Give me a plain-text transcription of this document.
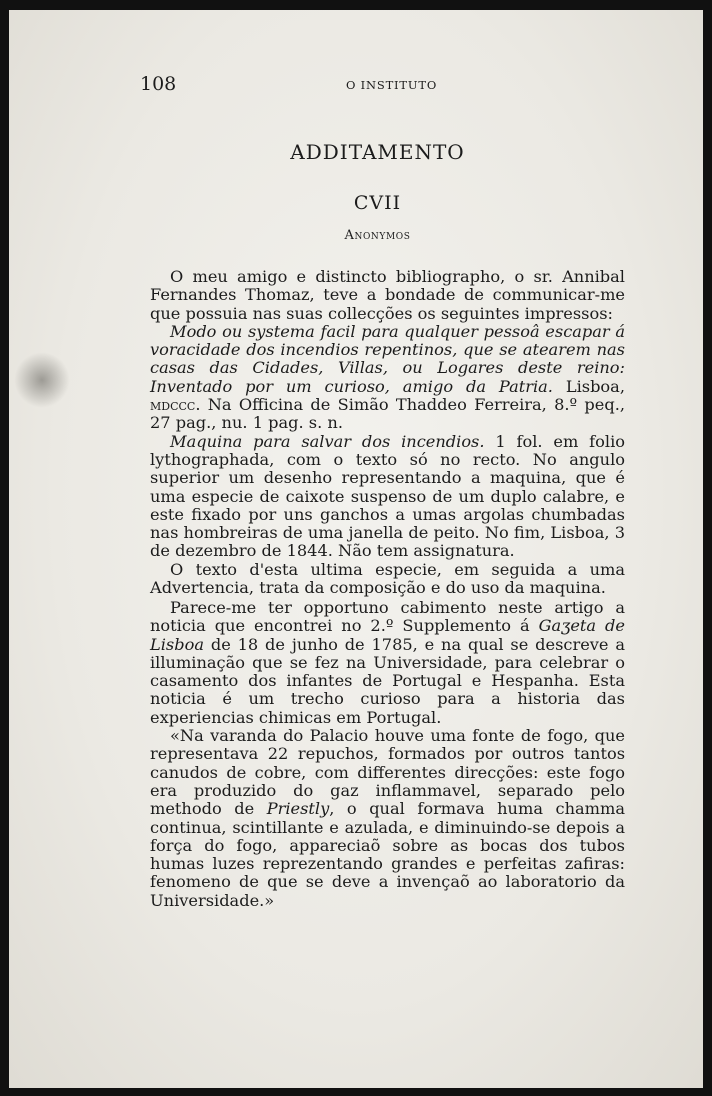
108	O INSTITUTO
ADDITAMENTO
CVII
Anonymos

O meu amigo e distincto bibliographo, o sr. Annibal Fernandes Thomaz, teve a bondade de communicar-me que possuia nas suas collecções os seguintes impressos:

Modo ou systema facil para qualquer pessoâ escapar á voracidade dos incendios repentinos, que se atearem nas casas das Cidades, Villas, ou Logares deste reino: Inventado por um curioso, amigo da Patria. Lisboa, mdccc. Na Officina de Simão Thaddeo Ferreira, 8.º peq., 27 pag., nu. 1 pag. s. n.

Maquina para salvar dos incendios. 1 fol. em folio lythographada, com o texto só no recto. No angulo superior um desenho representando a maquina, que é uma especie de caixote suspenso de um duplo calabre, e este fixado por uns ganchos a umas argolas chumbadas nas hombreiras de uma janella de peito. No fim, Lisboa, 3 de dezembro de 1844. Não tem assignatura.

O texto d'esta ultima especie, em seguida a uma Advertencia, trata da composição e do uso da maquina.

Parece-me ter opportuno cabimento neste artigo a noticia que encontrei no 2.º Supplemento á Gaʒeta de Lisboa de 18 de junho de 1785, e na qual se descreve a illuminação que se fez na Universidade, para celebrar o casamento dos infantes de Portugal e Hespanha. Esta noticia é um trecho curioso para a historia das experiencias chimicas em Portugal.

«Na varanda do Palacio houve uma fonte de fogo, que representava 22 repuchos, formados por outros tantos canudos de cobre, com differentes direcções: este fogo era produzido do gaz inflammavel, separado pelo methodo de Priestly, o qual formava huma chamma continua, scintillante e azulada, e diminuindo-se depois a força do fogo, appareciaõ sobre as bocas dos tubos humas luzes reprezentando grandes e perfeitas zafiras: fenomeno de que se deve a invençaõ ao laboratorio da Universidade.»
